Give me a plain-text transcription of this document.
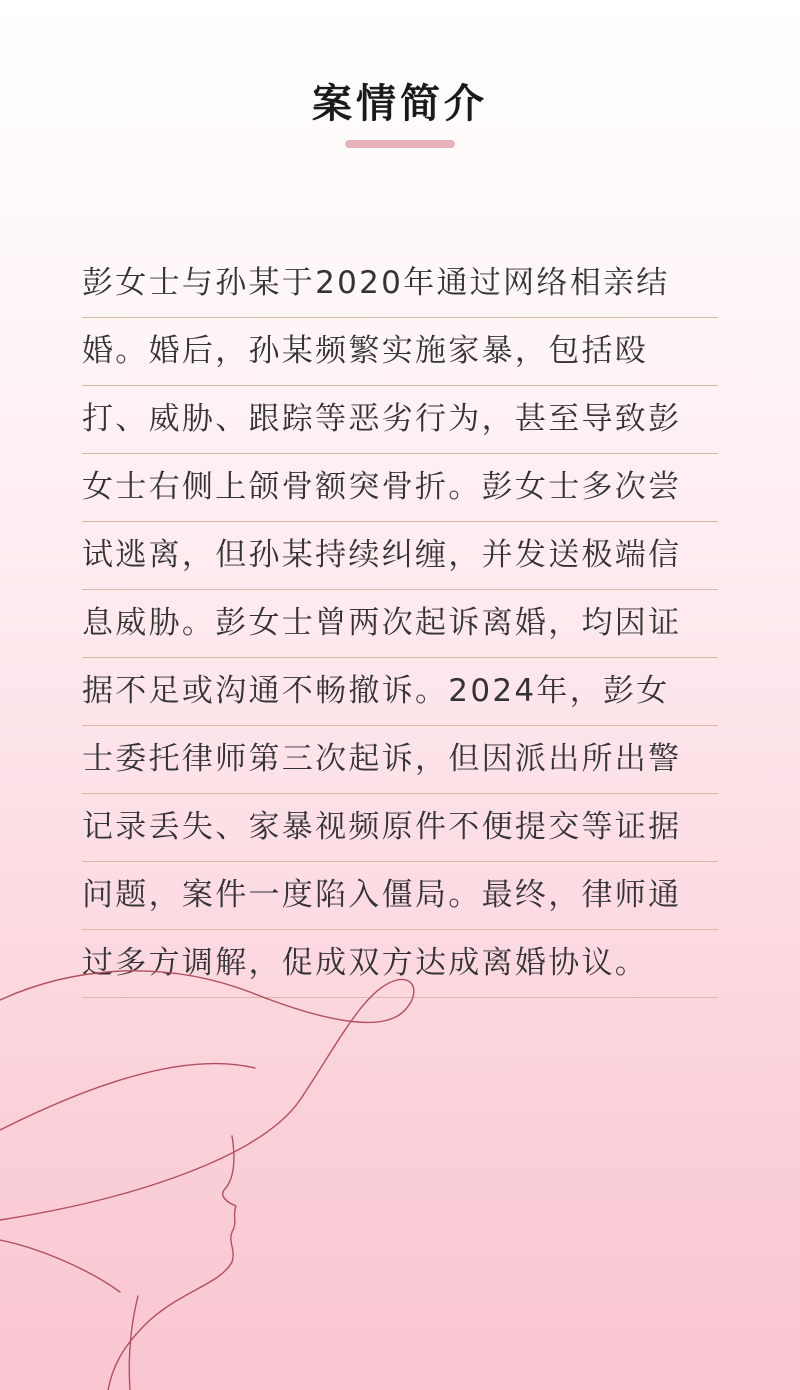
案情简介
彭女士与孙某于2020年通过网络相亲结
婚。婚后，孙某频繁实施家暴，包括殴
打、威胁、跟踪等恶劣行为，甚至导致彭
女士右侧上颌骨额突骨折。彭女士多次尝
试逃离，但孙某持续纠缠，并发送极端信
息威胁。彭女士曾两次起诉离婚，均因证
据不足或沟通不畅撤诉。2024年，彭女
士委托律师第三次起诉，但因派出所出警
记录丢失、家暴视频原件不便提交等证据
问题，案件一度陷入僵局。最终，律师通
过多方调解，促成双方达成离婚协议。
